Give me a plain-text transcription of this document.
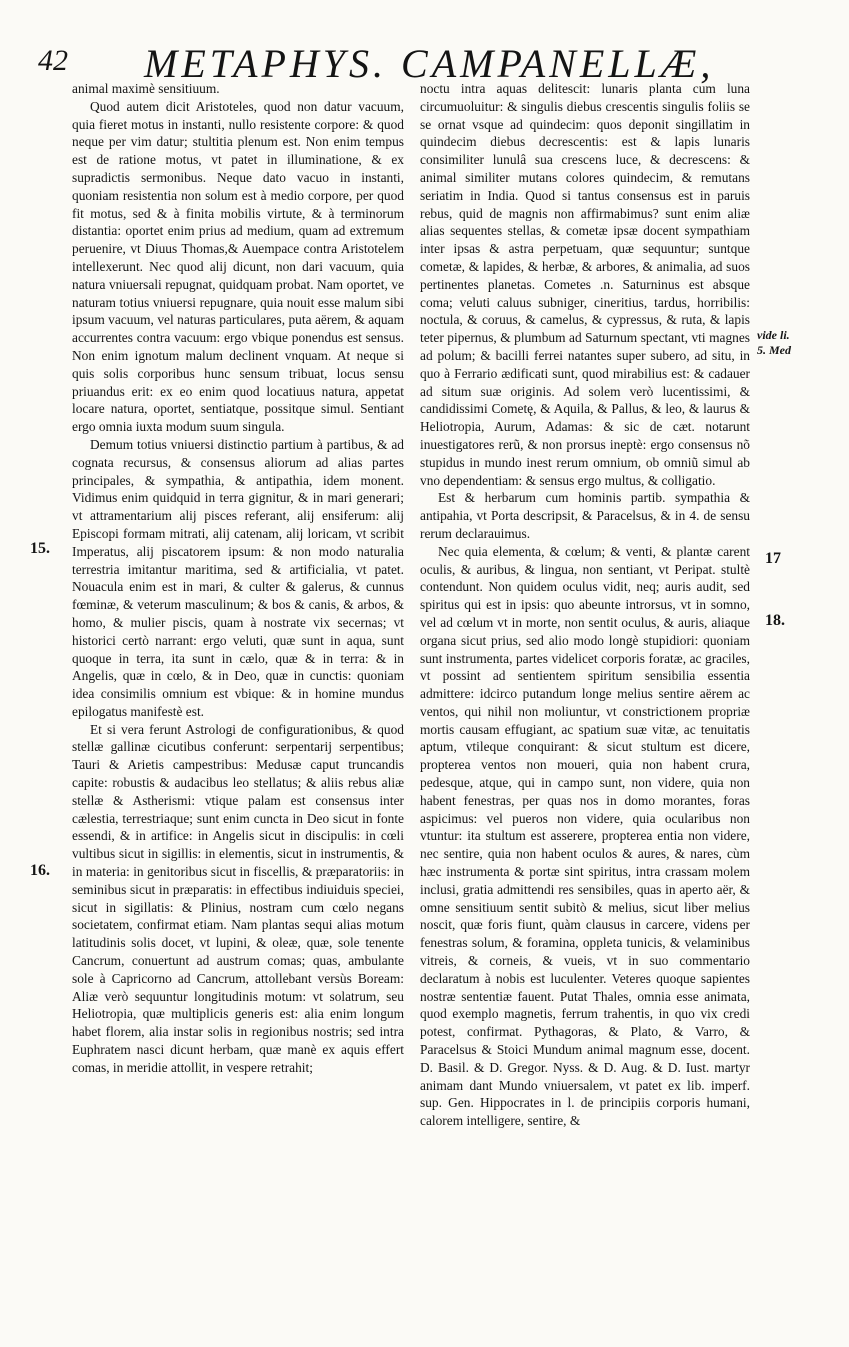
42 METAPHYS. CAMPANELLÆ,

animal maximè sensitiuum.

Quod autem dicit Aristoteles, quod non datur vacuum, quia fieret motus in instanti, nullo resistente corpore: & quod neque per vim datur; stultitia plenum est. Non enim tempus est de ratione motus, vt patet in illuminatione, & ex supradictis sermonibus. Neque dato vacuo in instanti, quoniam resistentia non solum est à medio corpore, per quod fit motus, sed & à finita mobilis virtute, & à terminorum distantia: oportet enim prius ad medium, quam ad extremum peruenire, vt Diuus Thomas,& Auempace contra Aristotelem intellexerunt. Nec quod alij dicunt, non dari vacuum, quia natura vniuersali repugnat, quidquam probat. Nam oportet, ve naturam totius vniuersi repugnare, quia nouit esse malum sibi ipsum vacuum, vel naturas particulares, puta aërem, & aquam accurrentes contra vacuum: ergo vbique ponendus est sensus. Non enim ignotum malum declinent vnquam. At neque si quis solis corporibus hunc sensum tribuat, locus sensu priuandus erit: ex eo enim quod locatiuus natura, appetat locare natura, oportet, sentiatque, possitque simul. Sentiant ergo omnia iuxta modum suum singula.

Demum totius vniuersi distinctio partium à partibus, & ad cognata recursus, & consensus aliorum ad alias partes principales, & sympathia, & antipathia, idem monent. Vidimus enim quidquid in terra gignitur, & in mari generari; vt attramentarium alij pisces referant, alij ensiferum: alij Episcopi formam mitrati, alij catenam, alij loricam, vt scribit Imperatus, alij piscatorem ipsum: & non modo naturalia terrestria imitantur maritima, sed & artificialia, vt patet. Nouacula enim est in mari, & culter & galerus, & cunnus fœminæ, & veterum masculinum; & bos & canis, & arbos, & homo, & mulier piscis, quam à nostrate vix secernas; vt historici certò narrant: ergo veluti, quæ sunt in aqua, sunt quoque in terra, ita sunt in cælo, quæ & in terra: & in Angelis, quæ in cœlo, & in Deo, quæ in cunctis: quoniam idea consimilis omnium est vbique: & in homine mundus epilogatus manifestè est.

Et si vera ferunt Astrologi de configurationibus, & quod stellæ gallinæ cicutibus conferunt: serpentarij serpentibus; Tauri & Arietis campestribus: Medusæ caput truncandis capite: robustis & audacibus leo stellatus; & aliis rebus aliæ stellæ & Astherismi: vtique palam est consensus inter cælestia, terrestriaque; sunt enim cuncta in Deo sicut in fonte essendi, & in artifice: in Angelis sicut in discipulis: in cœli vultibus sicut in sigillis: in elementis, sicut in instrumentis, & in materia: in genitoribus sicut in fiscellis, & præparatoriis: in seminibus sicut in præparatis: in effectibus indiuiduis speciei, sicut in sigillatis: & Plinius, nostram cum cœlo negans societatem, confirmat etiam. Nam plantas sequi alias motum latitudinis solis docet, vt lupini, & oleæ, quæ, sole tenente Cancrum, conuertunt ad austrum comas; quas, ambulante sole à Capricorno ad Cancrum, attollebant versùs Boream: Aliæ verò sequuntur longitudinis motum: vt solatrum, seu Heliotropia, quæ multiplicis generis est: alia enim longum habet florem, alia instar solis in regionibus nostris; sed intra Euphratem nasci dicunt herbam, quæ manè ex aquis effert comas, in meridie attollit, in vespere retrahit;

noctu intra aquas delitescit: lunaris planta cum luna circumuoluitur: & singulis diebus crescentis singulis foliis se se ornat vsque ad quindecim: quos deponit singillatim in quindecim diebus decrescentis: est & lapis lunaris consimiliter lunulâ sua crescens luce, & decrescens: & animal similiter mutans colores quindecim, & remutans seriatim in India. Quod si tantus consensus est in paruis rebus, quid de magnis non affirmabimus? sunt enim aliæ alias sequentes stellas, & cometæ ipsæ docent sympathiam inter ipsas & astra perpetuam, quæ sequuntur; suntque cometæ, & lapides, & herbæ, & arbores, & animalia, ad suos pertinentes planetas. Cometes .n. Saturninus est absque coma; veluti caluus subniger, cineritius, tardus, horribilis: noctula, & coruus, & camelus, & cypressus, & ruta, & lapis teter pipernus, & plumbum ad Saturnum spectant, vti magnes ad polum; & bacilli ferrei natantes super subero, ad situ, in quo à Ferrario ædificati sunt, quod mirabilius est: & cadauer ad situm suæ originis. Ad solem verò lucentissimi, & candidissimi Cometę, & Aquila, & Pallus, & leo, & laurus & Heliotropia, Aurum, Adamas: & sic de cæt. notarunt inuestigatores rerũ, & non prorsus ineptè: ergo consensus nõ stupidus in mundo inest rerum omnium, ob omniũ simul ab vno dependentiam: & sensus ergo multus, & colligatio.

Est & herbarum cum hominis partib. sympathia & antipahia, vt Porta descripsit, & Paracelsus, & in 4. de sensu rerum declarauimus.

Nec quia elementa, & cœlum; & venti, & plantæ carent oculis, & auribus, & lingua, non sentiant, vt Peripat. stultè contendunt. Non quidem oculus vidit, neq; auris audit, sed spiritus qui est in ipsis: quo abeunte introrsus, vt in somno, vel ad cœlum vt in morte, non sentit oculus, & auris, aliaque organa sicut prius, sed alio modo longè stupidiori: quoniam sunt instrumenta, partes videlicet corporis foratæ, ac graciles, vt possint ad sentientem spiritum sensibilia essentia admittere: idcirco putandum longe melius sentire aërem ac ventos, qui nihil non moliuntur, vt constrictionem propriæ mortis causam effugiant, ac spatium suæ vitæ, ac tenuitatis aptum, vtileque conquirant: & sicut stultum est dicere, propterea ventos non moueri, quia non habent crura, pedesque, atque, qui in campo sunt, non videre, quia non habent fenestras, per quas nos in domo morantes, foras aspicimus: vel pueros non videre, quia ocularibus non vtuntur: ita stultum est asserere, propterea entia non videre, nec sentire, quia non habent oculos & aures, & nares, cùm hæc instrumenta & portæ sint spiritus, intra crassam molem inclusi, gratia admittendi res sensibiles, quas in aperto aër, & omne sensitiuum sentit subitò & melius, sicut liber melius noscit, quæ foris fiunt, quàm clausus in carcere, videns per fenestras solum, & foramina, oppleta tunicis, & velaminibus vitreis, & corneis, & vueis, vt in suo commentario declaratum à nobis est luculenter. Veteres quoque sapientes nostræ sententiæ fauent. Putat Thales, omnia esse animata, quod exemplo magnetis, ferrum trahentis, in quo vix credi potest, confirmat. Pythagoras, & Plato, & Varro, & Paracelsus & Stoici Mundum animal magnum esse, docent. D. Basil. & D. Gregor. Nyss. & D. Aug. & D. Iust. martyr animam dant Mundo vniuersalem, vt patet ex lib. imperf. sup. Gen. Hippocrates in l. de principiis corporis humani, calorem intelligere, sentire, &

15.
16.
17
18.
vide li. 5. Med
